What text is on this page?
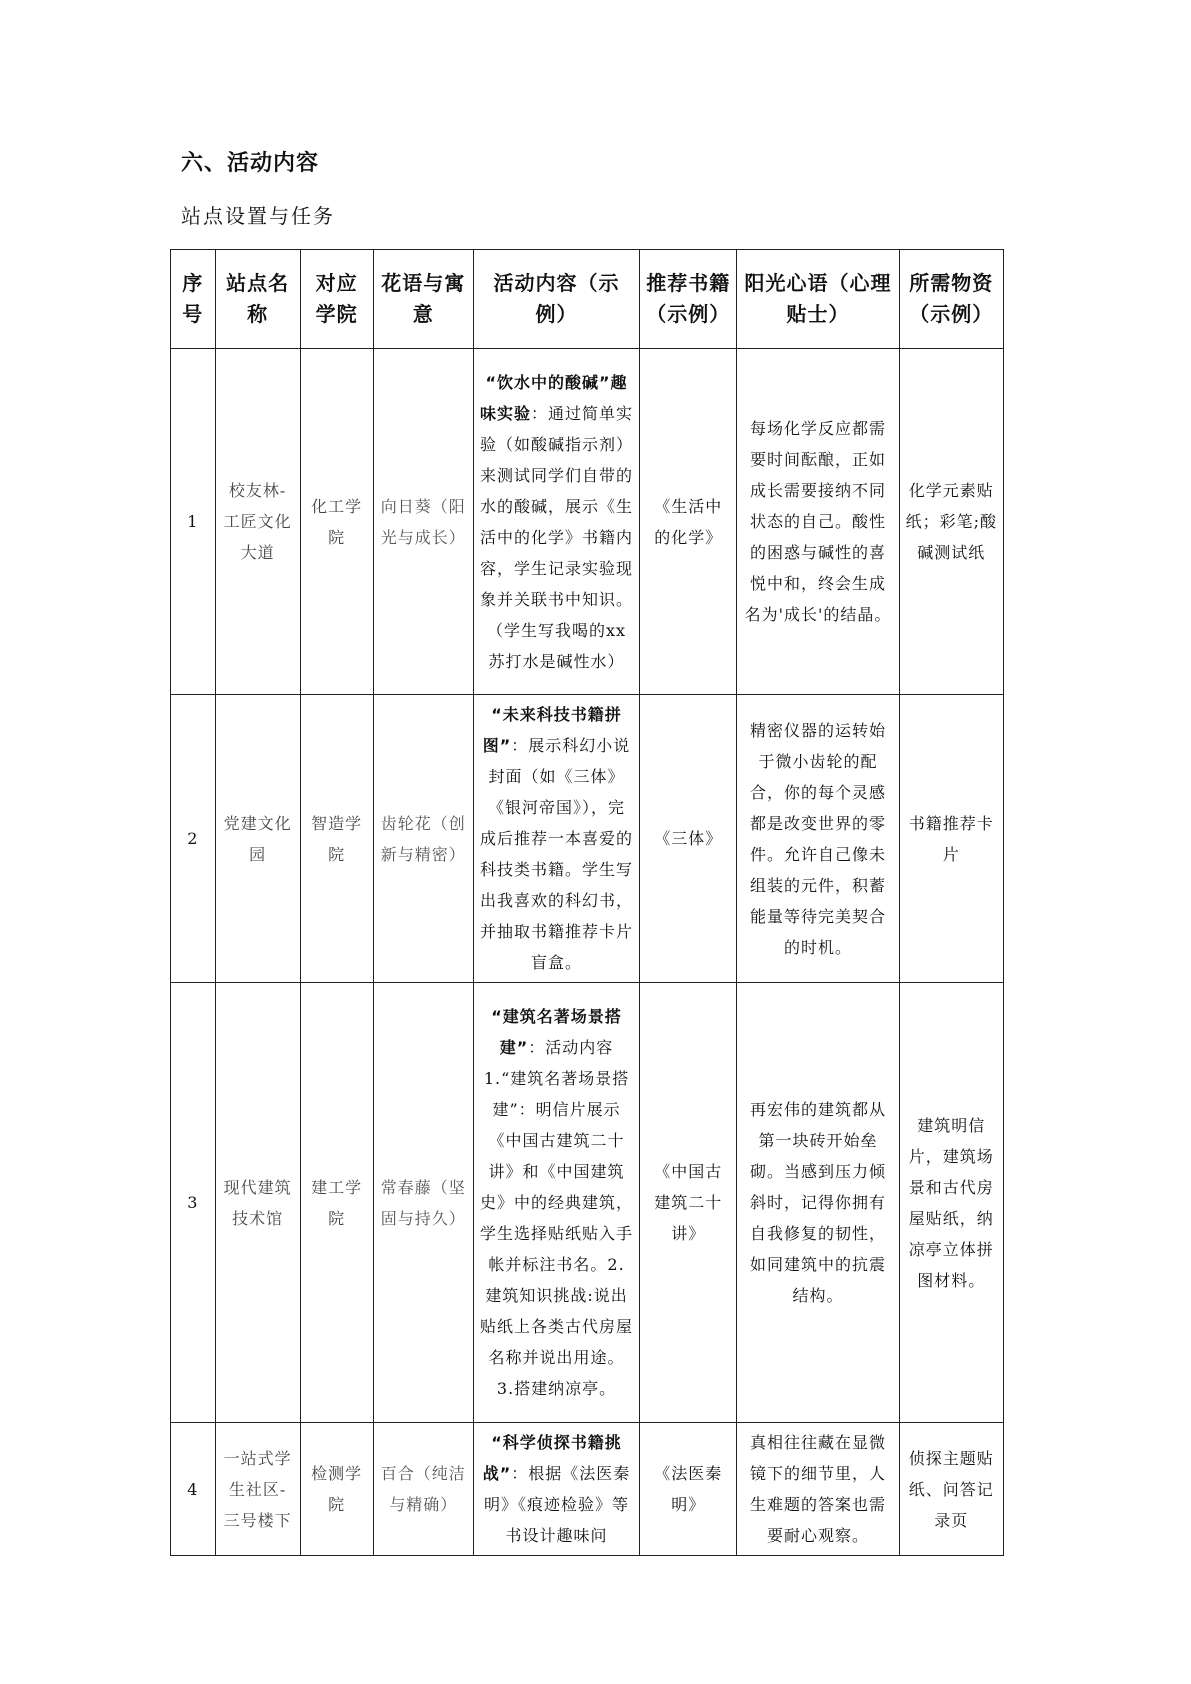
六、活动内容
站点设置与任务
序号	站点名称	对应学院	花语与寓意	活动内容（示例）	推荐书籍（示例）	阳光心语（心理贴士）	所需物资（示例）
1	校友林-工匠文化大道	化工学院	向日葵（阳光与成长）	“饮水中的酸碱”趣味实验：通过简单实验（如酸碱指示剂）来测试同学们自带的水的酸碱，展示《生活中的化学》书籍内容，学生记录实验现象并关联书中知识。（学生写我喝的xx苏打水是碱性水）	《生活中的化学》	每场化学反应都需要时间酝酿，正如成长需要接纳不同状态的自己。酸性的困惑与碱性的喜悦中和，终会生成名为'成长'的结晶。	化学元素贴纸；彩笔;酸碱测试纸
2	党建文化园	智造学院	齿轮花（创新与精密）	“未来科技书籍拼图”：展示科幻小说封面（如《三体》《银河帝国》），完成后推荐一本喜爱的科技类书籍。学生写出我喜欢的科幻书，并抽取书籍推荐卡片盲盒。	《三体》	精密仪器的运转始于微小齿轮的配合，你的每个灵感都是改变世界的零件。允许自己像未组装的元件，积蓄能量等待完美契合的时机。	书籍推荐卡片
3	现代建筑技术馆	建工学院	常春藤（坚固与持久）	“建筑名著场景搭建”：活动内容 1.“建筑名著场景搭建”：明信片展示《中国古建筑二十讲》和《中国建筑史》中的经典建筑，学生选择贴纸贴入手帐并标注书名。2.建筑知识挑战:说出贴纸上各类古代房屋名称并说出用途。3.搭建纳凉亭。	《中国古建筑二十讲》	再宏伟的建筑都从第一块砖开始垒砌。当感到压力倾斜时，记得你拥有自我修复的韧性，如同建筑中的抗震结构。	建筑明信片，建筑场景和古代房屋贴纸，纳凉亭立体拼图材料。
4	一站式学生社区-三号楼下	检测学院	百合（纯洁与精确）	“科学侦探书籍挑战”：根据《法医秦明》《痕迹检验》等书设计趣味问	《法医秦明》	真相往往藏在显微镜下的细节里，人生难题的答案也需要耐心观察。	侦探主题贴纸、问答记录页
